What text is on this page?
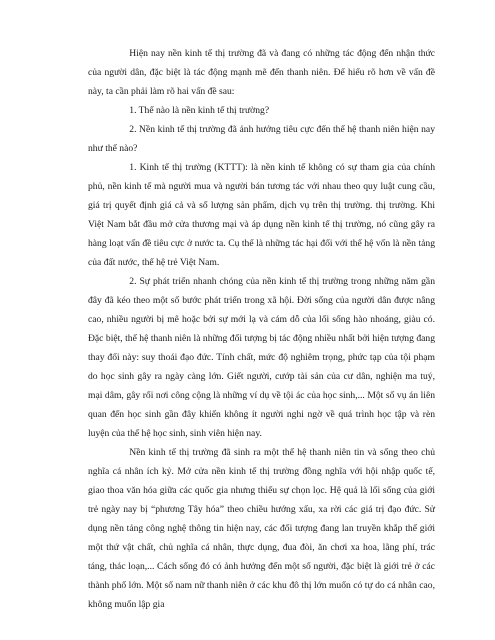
Hiện nay nền kinh tế thị trường đã và đang có những tác động đến nhận thức của người dân, đặc biệt là tác động mạnh mẽ đến thanh niên. Để hiểu rõ hơn về vấn đề này, ta cần phải làm rõ hai vấn đề sau:

1. Thế nào là nền kinh tế thị trường?

2. Nền kinh tế thị trường đã ảnh hưởng tiêu cực đến thế hệ thanh niên hiện nay như thế nào?

1. Kinh tế thị trường (KTTT): là nền kinh tế không có sự tham gia của chính phủ, nền kinh tế mà người mua và người bán tương tác với nhau theo quy luật cung cầu, giá trị quyết định giá cả và số lượng sản phẩm, dịch vụ trên thị trường. thị trường. Khi Việt Nam bắt đầu mở cửa thương mại và áp dụng nền kinh tế thị trường, nó cũng gây ra hàng loạt vấn đề tiêu cực ở nước ta. Cụ thể là những tác hại đối với thế hệ vốn là nền tảng của đất nước, thế hệ trẻ Việt Nam.

2. Sự phát triển nhanh chóng của nền kinh tế thị trường trong những năm gần đây đã kéo theo một số bước phát triển trong xã hội. Đời sống của người dân được nâng cao, nhiều người bị mê hoặc bởi sự mới lạ và cám dỗ của lối sống hào nhoáng, giàu có. Đặc biệt, thế hệ thanh niên là những đối tượng bị tác động nhiều nhất bởi hiện tượng đang thay đổi này: suy thoái đạo đức. Tính chất, mức độ nghiêm trọng, phức tạp của tội phạm do học sinh gây ra ngày càng lớn. Giết người, cướp tài sản của cư dân, nghiện ma tuý, mại dâm, gây rối nơi công cộng là những ví dụ về tội ác của học sinh,... Một số vụ án liên quan đến học sinh gần đây khiến không ít người nghi ngờ về quá trình học tập và rèn luyện của thế hệ học sinh, sinh viên hiện nay.

Nền kinh tế thị trường đã sinh ra một thế hệ thanh niên tin và sống theo chủ nghĩa cá nhân ích kỷ. Mở cửa nền kinh tế thị trường đồng nghĩa với hội nhập quốc tế, giao thoa văn hóa giữa các quốc gia nhưng thiếu sự chọn lọc. Hệ quả là lối sống của giới trẻ ngày nay bị “phương Tây hóa” theo chiều hướng xấu, xa rời các giá trị đạo đức. Sử dụng nền tảng công nghệ thông tin hiện nay, các đối tượng đang lan truyền khắp thế giới một thứ vật chất, chủ nghĩa cá nhân, thực dụng, đua đòi, ăn chơi xa hoa, lãng phí, trác táng, thác loạn,... Cách sống đó có ảnh hưởng đến một số người, đặc biệt là giới trẻ ở các thành phố lớn. Một số nam nữ thanh niên ở các khu đô thị lớn muốn có tự do cá nhân cao, không muốn lập gia
